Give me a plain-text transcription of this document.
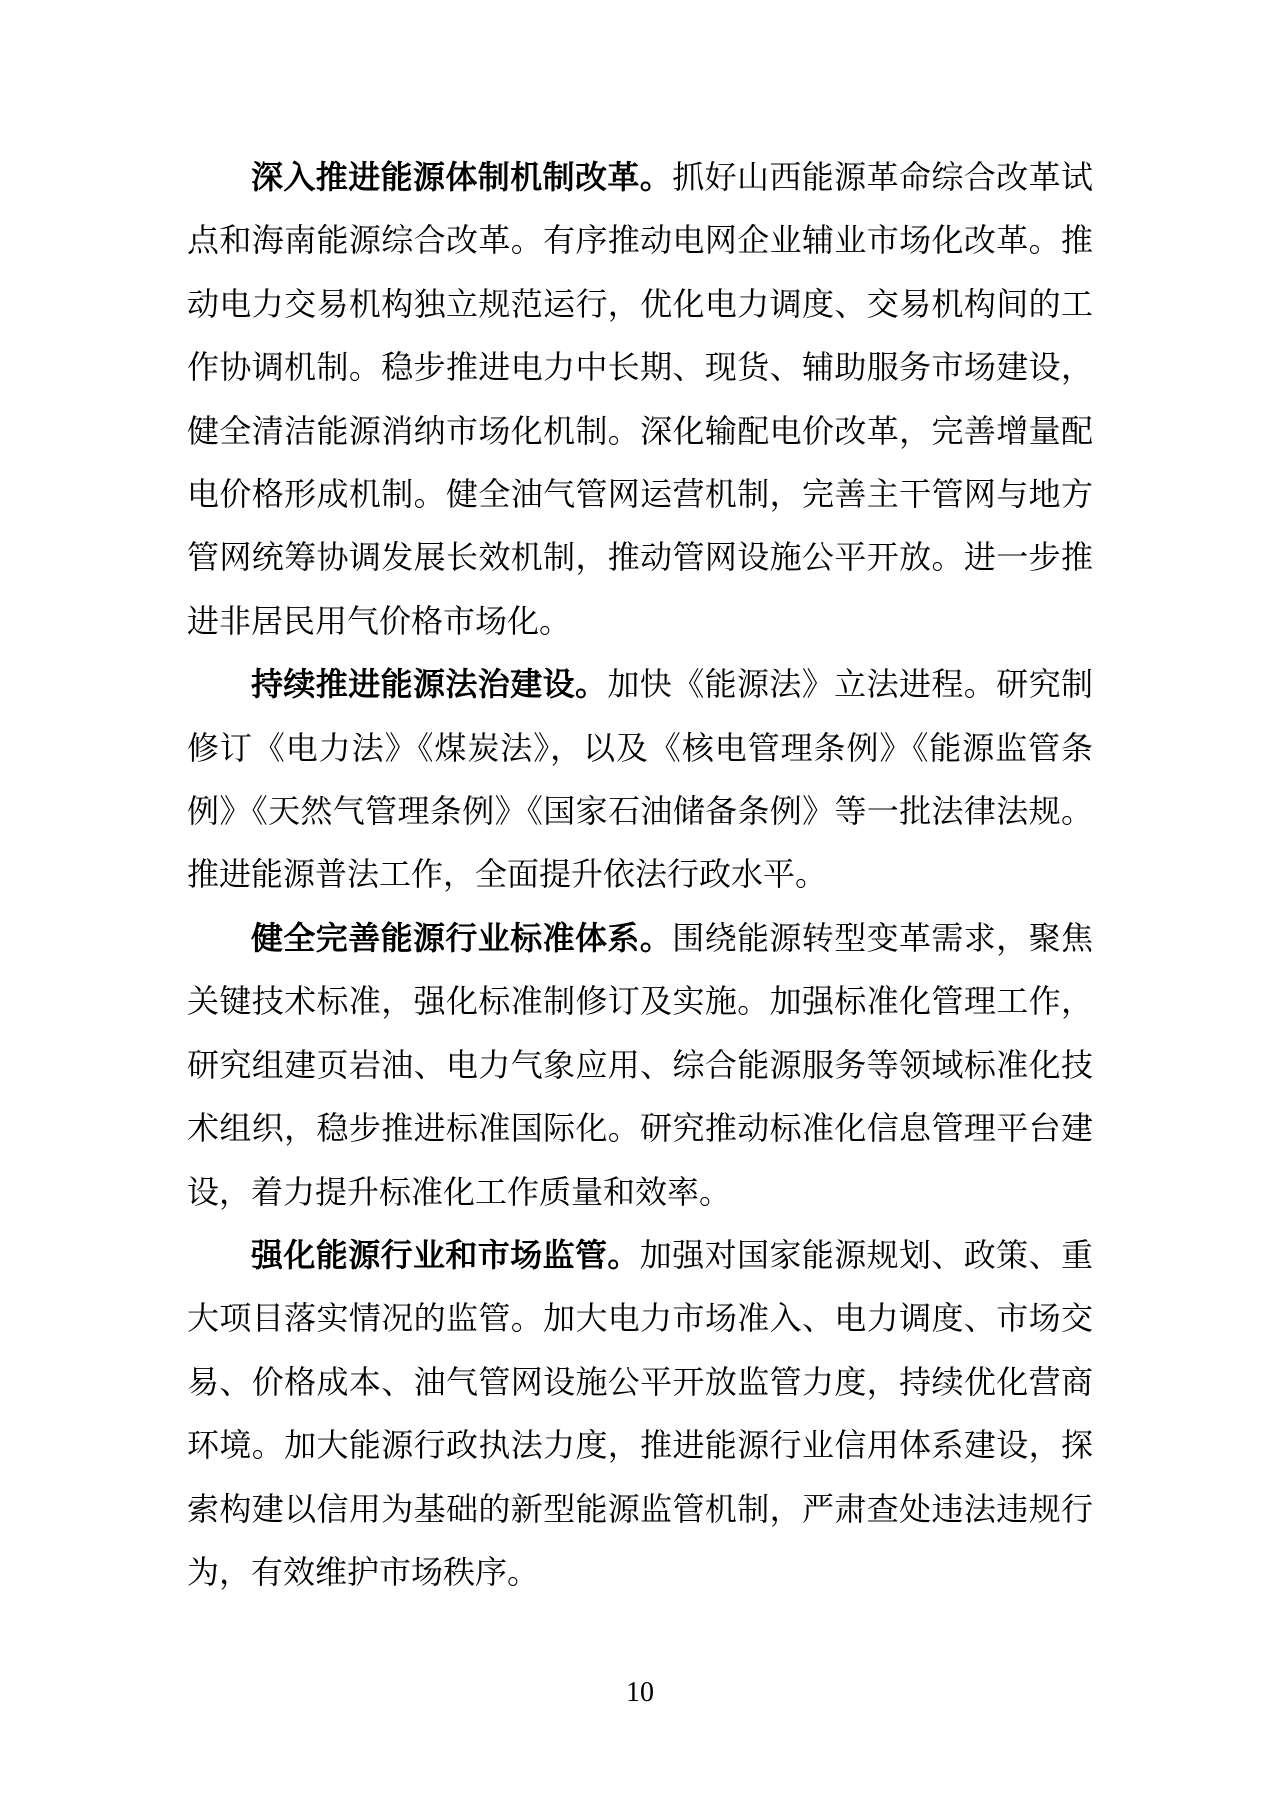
深入推进能源体制机制改革。抓好山西能源革命综合改革试点和海南能源综合改革。有序推动电网企业辅业市场化改革。推动电力交易机构独立规范运行，优化电力调度、交易机构间的工作协调机制。稳步推进电力中长期、现货、辅助服务市场建设，健全清洁能源消纳市场化机制。深化输配电价改革，完善增量配电价格形成机制。健全油气管网运营机制，完善主干管网与地方管网统筹协调发展长效机制，推动管网设施公平开放。进一步推进非居民用气价格市场化。

持续推进能源法治建设。加快《能源法》立法进程。研究制修订《电力法》《煤炭法》，以及《核电管理条例》《能源监管条例》《天然气管理条例》《国家石油储备条例》等一批法律法规。推进能源普法工作，全面提升依法行政水平。

健全完善能源行业标准体系。围绕能源转型变革需求，聚焦关键技术标准，强化标准制修订及实施。加强标准化管理工作，研究组建页岩油、电力气象应用、综合能源服务等领域标准化技术组织，稳步推进标准国际化。研究推动标准化信息管理平台建设，着力提升标准化工作质量和效率。

强化能源行业和市场监管。加强对国家能源规划、政策、重大项目落实情况的监管。加大电力市场准入、电力调度、市场交易、价格成本、油气管网设施公平开放监管力度，持续优化营商环境。加大能源行政执法力度，推进能源行业信用体系建设，探索构建以信用为基础的新型能源监管机制，严肃查处违法违规行为，有效维护市场秩序。

10
